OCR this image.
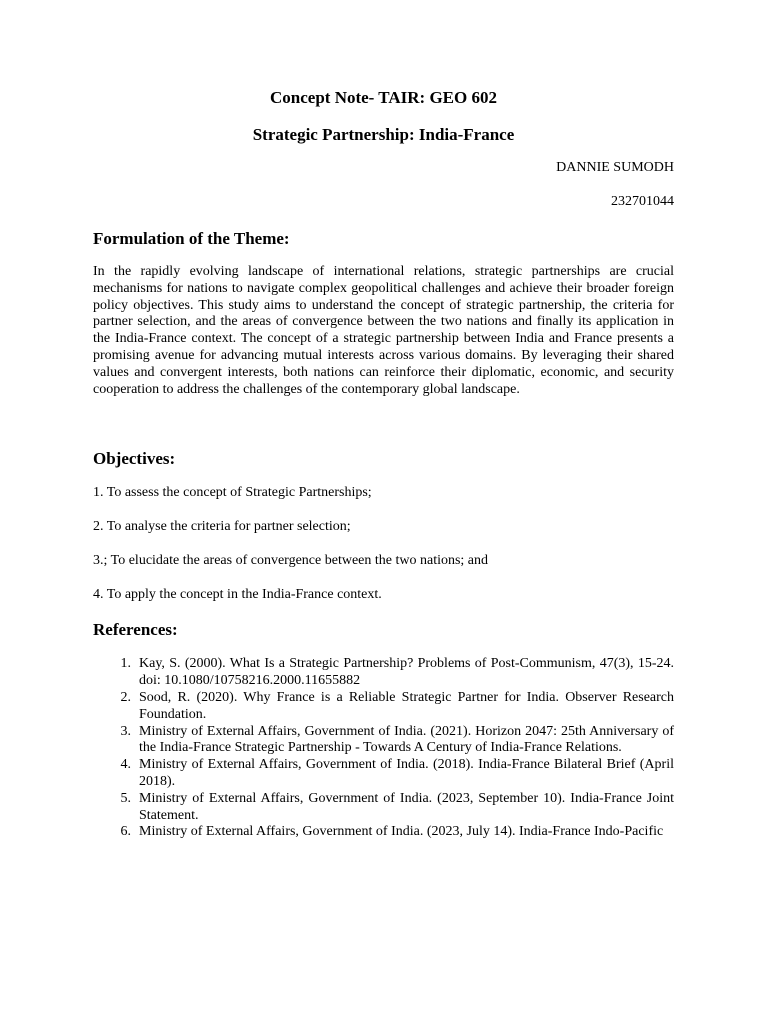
Concept Note- TAIR: GEO 602
Strategic Partnership: India-France
DANNIE SUMODH
232701044
Formulation of the Theme:

In the rapidly evolving landscape of international relations, strategic partnerships are crucial mechanisms for nations to navigate complex geopolitical challenges and achieve their broader foreign policy objectives. This study aims to understand the concept of strategic partnership, the criteria for partner selection, and the areas of convergence between the two nations and finally its application in the India-France context. The concept of a strategic partnership between India and France presents a promising avenue for advancing mutual interests across various domains. By leveraging their shared values and convergent interests, both nations can reinforce their diplomatic, economic, and security cooperation to address the challenges of the contemporary global landscape.

Objectives:

1. To assess the concept of Strategic Partnerships;

2. To analyse the criteria for partner selection;

3.; To elucidate the areas of convergence between the two nations; and

4. To apply the concept in the India-France context.

References:
1. Kay, S. (2000). What Is a Strategic Partnership? Problems of Post-Communism, 47(3), 15-24. doi: 10.1080/10758216.2000.11655882
2. Sood, R. (2020). Why France is a Reliable Strategic Partner for India. Observer Research Foundation.
3. Ministry of External Affairs, Government of India. (2021). Horizon 2047: 25th Anniversary of the India-France Strategic Partnership - Towards A Century of India-France Relations.
4. Ministry of External Affairs, Government of India. (2018). India-France Bilateral Brief (April 2018).
5. Ministry of External Affairs, Government of India. (2023, September 10). India-France Joint Statement.
6. Ministry of External Affairs, Government of India. (2023, July 14). India-France Indo-Pacific
